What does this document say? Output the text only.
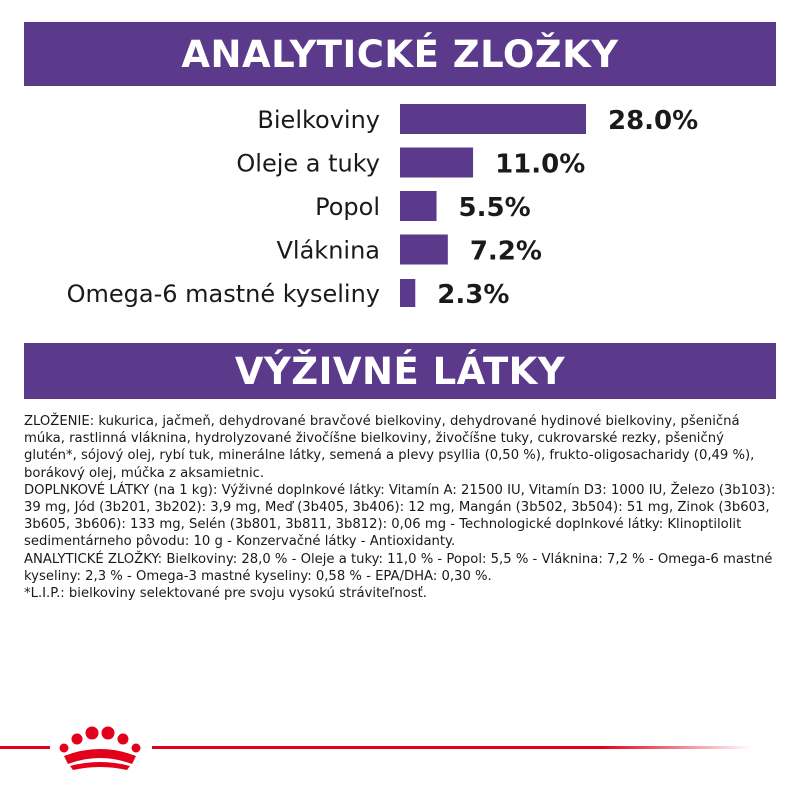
ANALYTICKÉ ZLOŽKY
Bielkoviny	28.0%
Oleje a tuky	11.0%
Popol	5.5%
Vláknina	7.2%
Omega-6 mastné kyseliny 2.3%
VÝŽIVNÉ LÁTKY

ZLOŽENIE: kukurica, jačmeň, dehydrované bravčové bielkoviny, dehydrované hydinové bielkoviny, pšeničná múka, rastlinná vláknina, hydrolyzované živočíšne bielkoviny, živočíšne tuky, cukrovarské rezky, pšeničný glutén*, sójový olej, rybí tuk, minerálne látky, semená a plevy psyllia (0,50 %), frukto-oligosacharidy (0,49 %), borákový olej, múčka z aksamietnic.

DOPLNKOVÉ LÁTKY (na 1 kg): Výživné doplnkové látky: Vitamín A: 21500 IU, Vitamín D3: 1000 IU, Železo (3b103): 39 mg, Jód (3b201, 3b202): 3,9 mg, Meď (3b405, 3b406): 12 mg, Mangán (3b502, 3b504): 51 mg, Zinok (3b603, 3b605, 3b606): 133 mg, Selén (3b801, 3b811, 3b812): 0,06 mg - Technologické doplnkové látky: Klinoptilolit sedimentárneho pôvodu: 10 g - Konzervačné látky - Antioxidanty.

ANALYTICKÉ ZLOŽKY: Bielkoviny: 28,0 % - Oleje a tuky: 11,0 % - Popol: 5,5 % - Vláknina: 7,2 % - Omega-6 mastné kyseliny: 2,3 % - Omega-3 mastné kyseliny: 0,58 % - EPA/DHA: 0,30 %.

*L.I.P.: bielkoviny selektované pre svoju vysokú stráviteľnosť.
